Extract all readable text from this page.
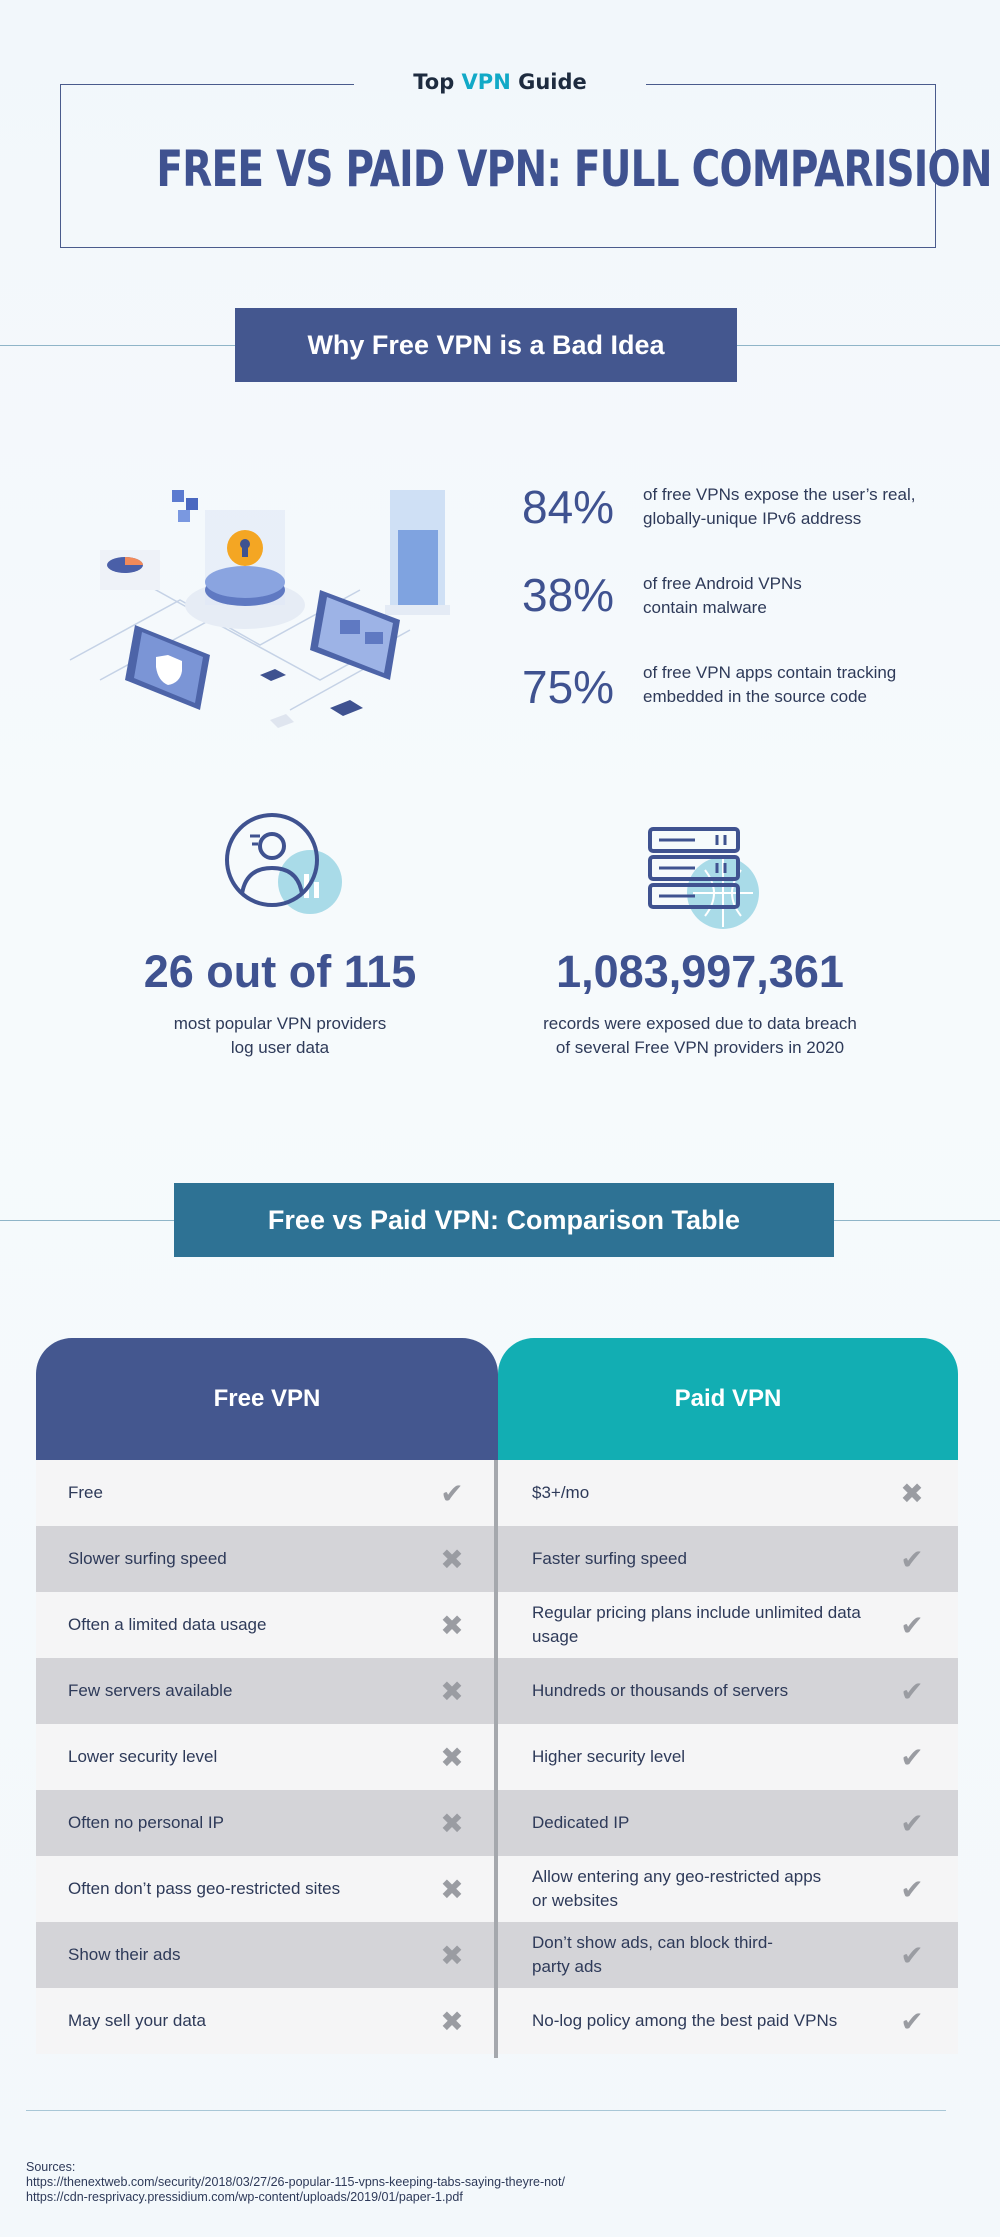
Top VPN Guide
FREE VS PAID VPN: FULL COMPARISION
Why Free VPN is a Bad Idea
84% of free VPNs expose the user’s real,
globally-unique IPv6 address
38% of free Android VPNs
contain malware
75% of free VPN apps contain tracking
embedded in the source code
26 out of 115
most popular VPN providers
log user data
1,083,997,361
records were exposed due to data breach
of several Free VPN providers in 2020
Free vs Paid VPN: Comparison Table
Free VPN	Paid VPN
Free	✔	$3+/mo	✖
Slower surfing speed	✖	Faster surfing speed	✔
Often a limited data usage	✖	Regular pricing plans include unlimited data usage	✔
Few servers available	✖	Hundreds or thousands of servers	✔
Lower security level	✖	Higher security level	✔
Often no personal IP	✖	Dedicated IP	✔
Often don’t pass geo-restricted sites	✖	Allow entering any geo-restricted apps or websites	✔
Show their ads	✖	Don’t show ads, can block third-party ads	✔
May sell your data	✖	No-log policy among the best paid VPNs	✔
Sources:
https://thenextweb.com/security/2018/03/27/26-popular-115-vpns-keeping-tabs-saying-theyre-not/
https://cdn-resprivacy.pressidium.com/wp-content/uploads/2019/01/paper-1.pdf
